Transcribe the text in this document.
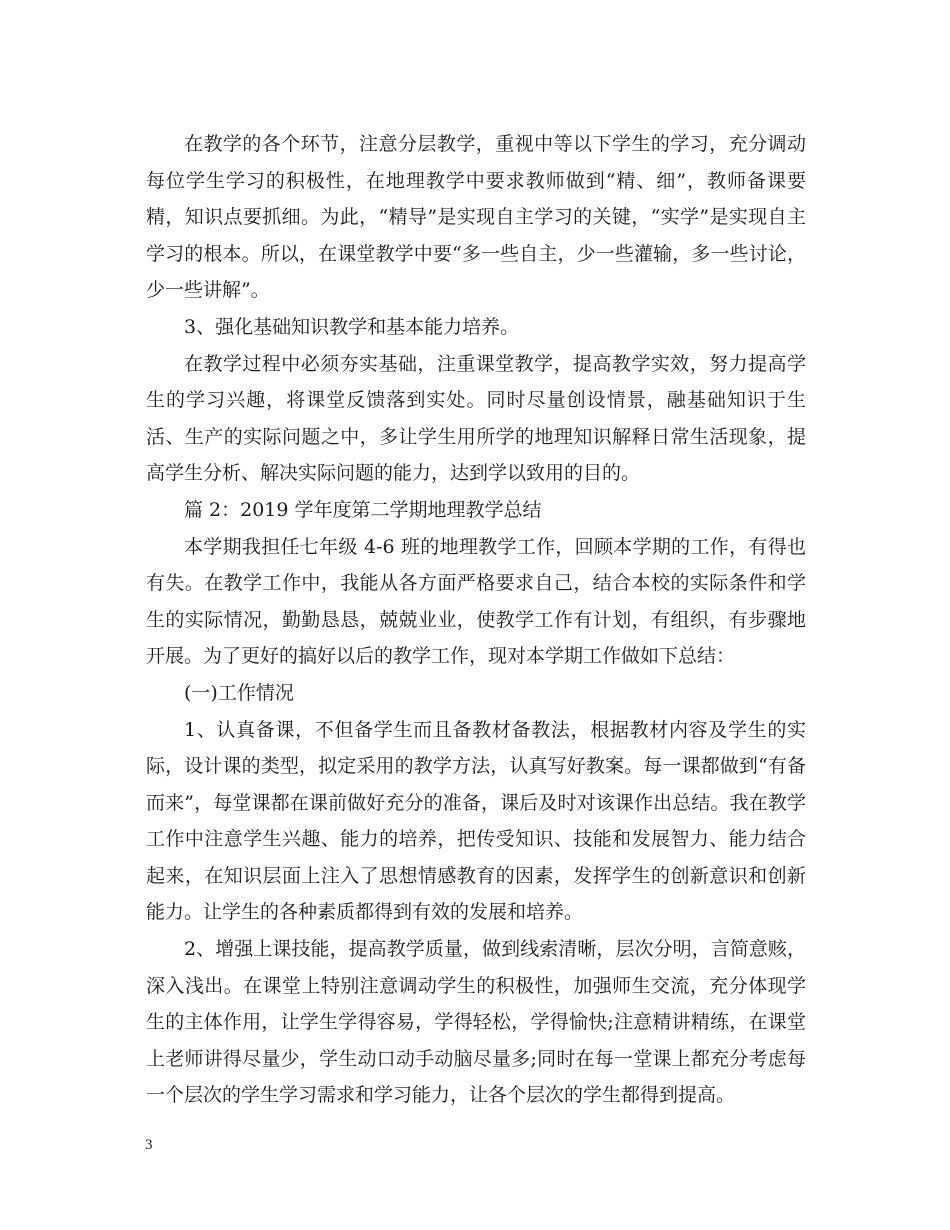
在教学的各个环节，注意分层教学，重视中等以下学生的学习，充分调动每位学生学习的积极性，在地理教学中要求教师做到“精、细”，教师备课要精，知识点要抓细。为此，“精导”是实现自主学习的关键，“实学”是实现自主学习的根本。所以，在课堂教学中要“多一些自主，少一些灌输，多一些讨论，少一些讲解”。

3、强化基础知识教学和基本能力培养。

在教学过程中必须夯实基础，注重课堂教学，提高教学实效，努力提高学生的学习兴趣，将课堂反馈落到实处。同时尽量创设情景，融基础知识于生活、生产的实际问题之中，多让学生用所学的地理知识解释日常生活现象，提高学生分析、解决实际问题的能力，达到学以致用的目的。

篇 2：2019 学年度第二学期地理教学总结

本学期我担任七年级 4-6 班的地理教学工作，回顾本学期的工作，有得也有失。在教学工作中，我能从各方面严格要求自己，结合本校的实际条件和学生的实际情况，勤勤恳恳，兢兢业业，使教学工作有计划，有组织，有步骤地开展。为了更好的搞好以后的教学工作，现对本学期工作做如下总结：

(一)工作情况

1、认真备课，不但备学生而且备教材备教法，根据教材内容及学生的实际，设计课的类型，拟定采用的教学方法，认真写好教案。每一课都做到“有备而来”，每堂课都在课前做好充分的准备，课后及时对该课作出总结。我在教学工作中注意学生兴趣、能力的培养，把传受知识、技能和发展智力、能力结合起来，在知识层面上注入了思想情感教育的因素，发挥学生的创新意识和创新能力。让学生的各种素质都得到有效的发展和培养。

2、增强上课技能，提高教学质量，做到线索清晰，层次分明，言简意赅，深入浅出。在课堂上特别注意调动学生的积极性，加强师生交流，充分体现学生的主体作用，让学生学得容易，学得轻松，学得愉快;注意精讲精练，在课堂上老师讲得尽量少，学生动口动手动脑尽量多;同时在每一堂课上都充分考虑每一个层次的学生学习需求和学习能力，让各个层次的学生都得到提高。

3
